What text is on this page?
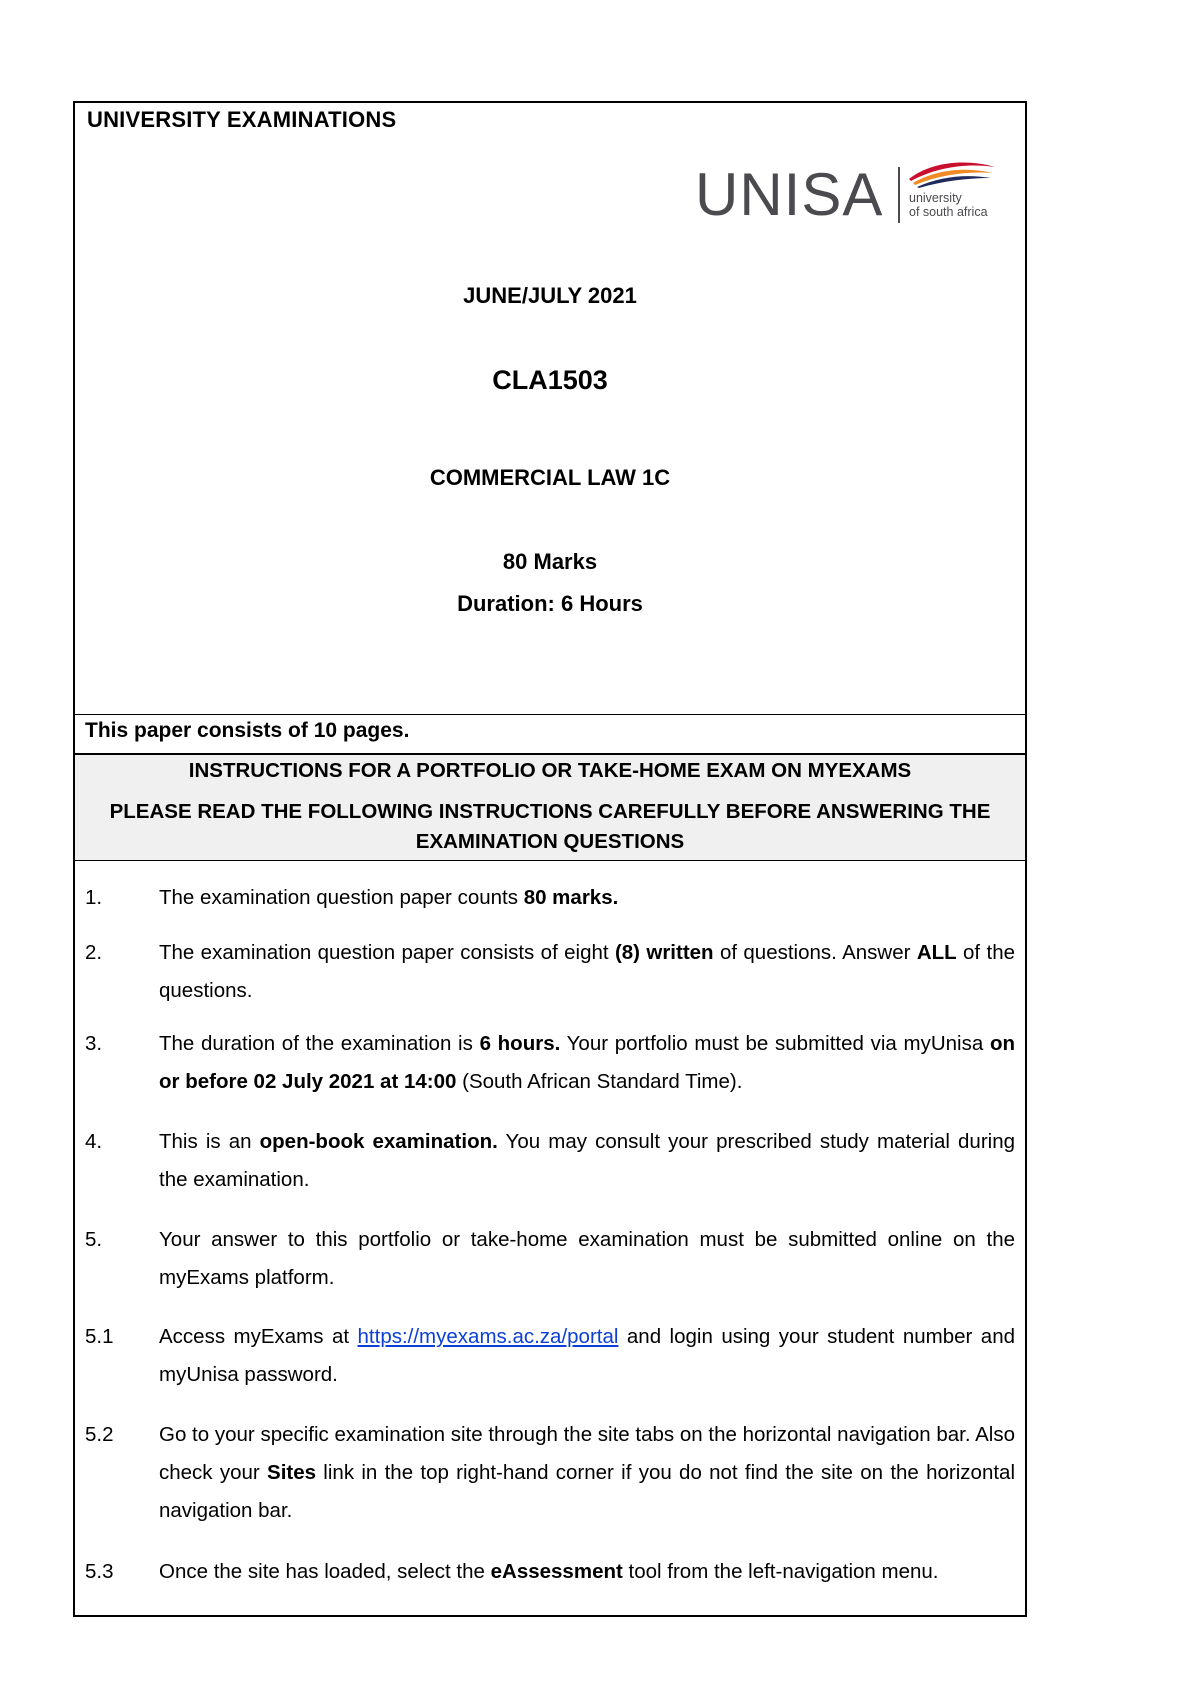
UNIVERSITY EXAMINATIONS
UNISA university
of south africa
JUNE/JULY 2021
CLA1503
COMMERCIAL LAW 1C
80 Marks
Duration: 6 Hours
This paper consists of 10 pages.
INSTRUCTIONS FOR A PORTFOLIO OR TAKE-HOME EXAM ON MYEXAMS
PLEASE READ THE FOLLOWING INSTRUCTIONS CAREFULLY BEFORE ANSWERING THE EXAMINATION QUESTIONS
1.	The examination question paper counts 80 marks.
2.	The examination question paper consists of eight (8) written of questions. Answer ALL of the questions.
3.	The duration of the examination is 6 hours. Your portfolio must be submitted via myUnisa on or before 02 July 2021 at 14:00 (South African Standard Time).
4.	This is an open-book examination. You may consult your prescribed study material during the examination.
5.	Your answer to this portfolio or take-home examination must be submitted online on the myExams platform.
5.1 Access myExams at https://myexams.ac.za/portal and login using your student number and myUnisa password.
5.2 Go to your specific examination site through the site tabs on the horizontal navigation bar. Also check your Sites link in the top right-hand corner if you do not find the site on the horizontal navigation bar.
5.3 Once the site has loaded, select the eAssessment tool from the left-navigation menu.
